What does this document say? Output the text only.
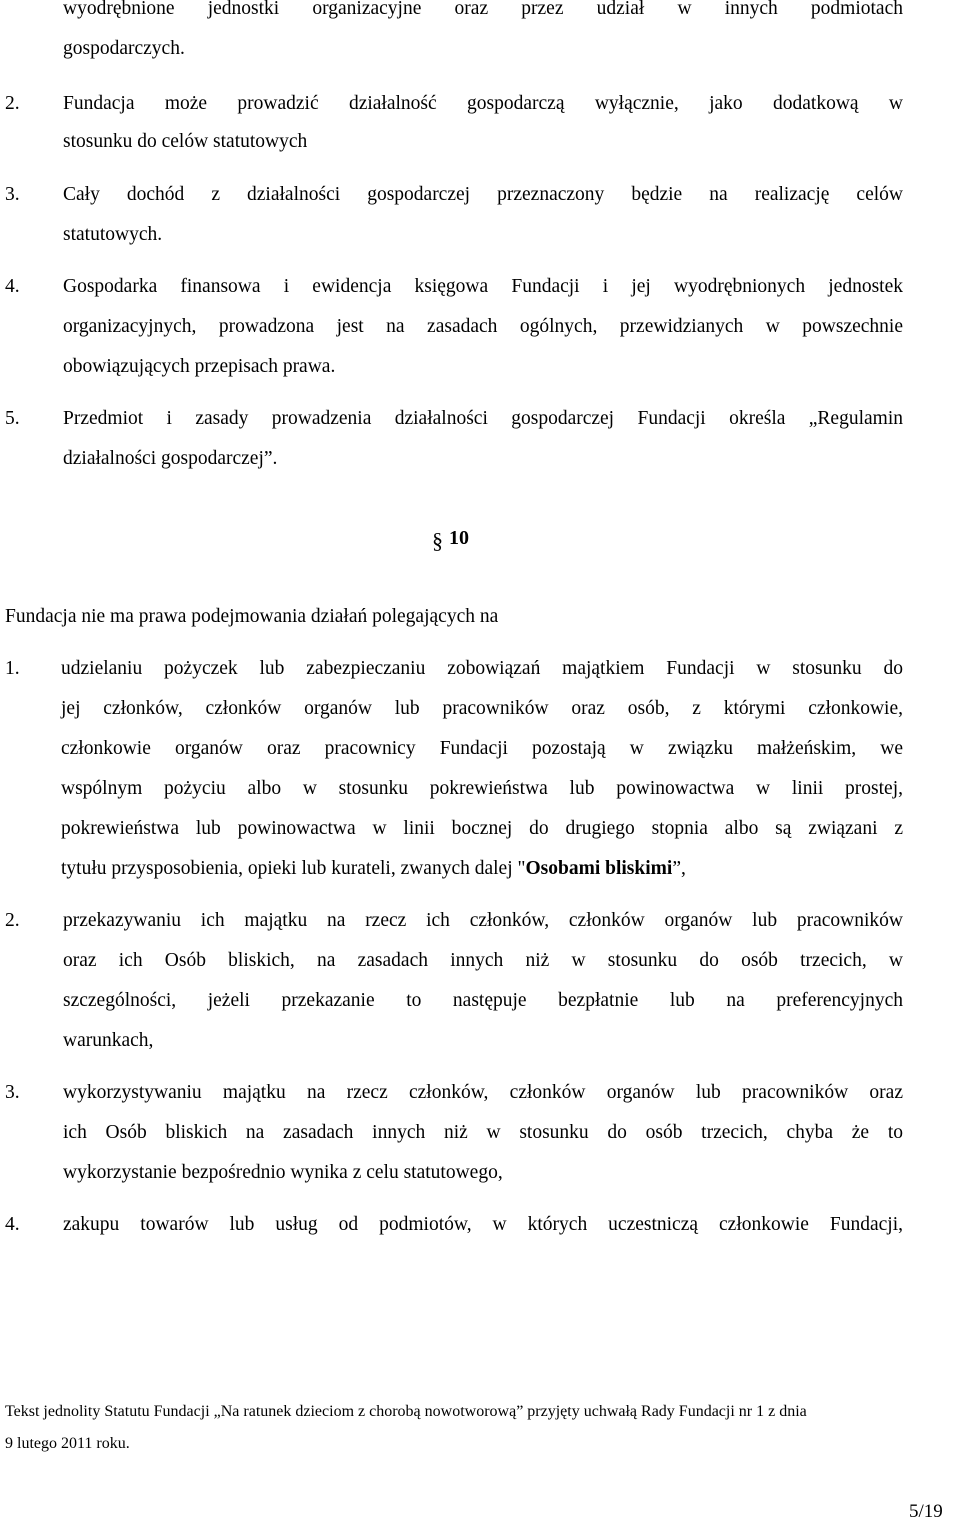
wyodrębnione jednostki organizacyjne oraz przez udział w innych podmiotach
gospodarczych.
2. Fundacja może prowadzić działalność gospodarczą wyłącznie, jako dodatkową w
stosunku do celów statutowych
3. Cały dochód z działalności gospodarczej przeznaczony będzie na realizację celów
statutowych.
4. Gospodarka finansowa i ewidencja księgowa Fundacji i jej wyodrębnionych jednostek
organizacyjnych, prowadzona jest na zasadach ogólnych, przewidzianych w powszechnie
obowiązujących przepisach prawa.
5. Przedmiot i zasady prowadzenia działalności gospodarczej Fundacji określa „Regulamin
działalności gospodarczej”.
§ 10
Fundacja nie ma prawa podejmowania działań polegających na
1. udzielaniu pożyczek lub zabezpieczaniu zobowiązań majątkiem Fundacji w stosunku do
jej członków, członków organów lub pracowników oraz osób, z którymi członkowie,
członkowie organów oraz pracownicy Fundacji pozostają w związku małżeńskim, we
wspólnym pożyciu albo w stosunku pokrewieństwa lub powinowactwa w linii prostej,
pokrewieństwa lub powinowactwa w linii bocznej do drugiego stopnia albo są związani z
tytułu przysposobienia, opieki lub kurateli, zwanych dalej "Osobami bliskimi”,
2. przekazywaniu ich majątku na rzecz ich członków, członków organów lub pracowników
oraz ich Osób bliskich, na zasadach innych niż w stosunku do osób trzecich, w
szczególności, jeżeli przekazanie to następuje bezpłatnie lub na preferencyjnych
warunkach,
3. wykorzystywaniu majątku na rzecz członków, członków organów lub pracowników oraz
ich Osób bliskich na zasadach innych niż w stosunku do osób trzecich, chyba że to
wykorzystanie bezpośrednio wynika z celu statutowego,
4. zakupu towarów lub usług od podmiotów, w których uczestniczą członkowie Fundacji,
Tekst jednolity Statutu Fundacji „Na ratunek dzieciom z chorobą nowotworową” przyjęty uchwałą Rady Fundacji nr 1 z dnia
9 lutego 2011 roku.
5/19
